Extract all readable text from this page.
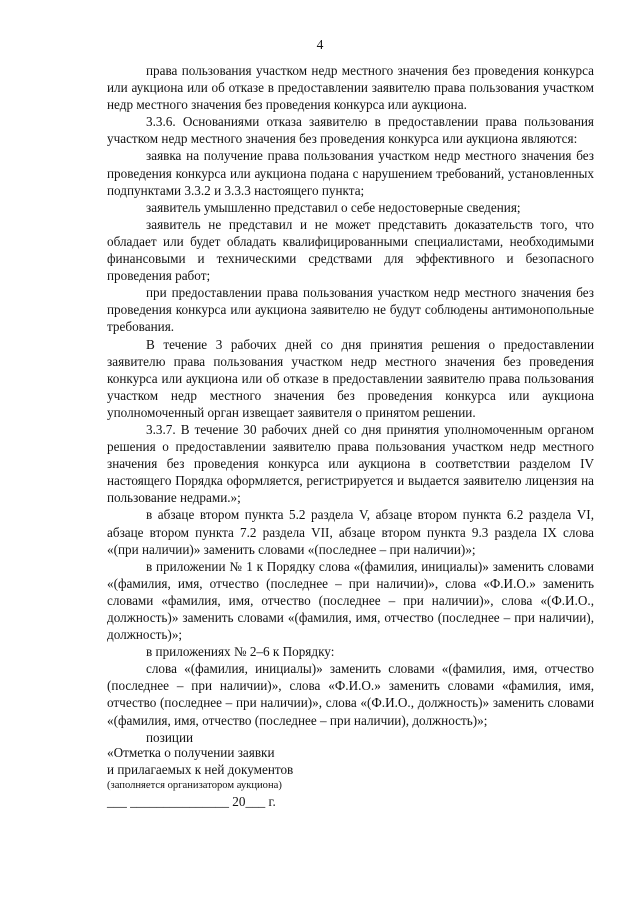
4

права пользования участком недр местного значения без проведения конкурса или аукциона или об отказе в предоставлении заявителю права пользования участком недр местного значения без проведения конкурса или аукциона.

3.3.6. Основаниями отказа заявителю в предоставлении права пользования участком недр местного значения без проведения конкурса или аукциона являются:

заявка на получение права пользования участком недр местного значения без проведения конкурса или аукциона подана с нарушением требований, установленных подпунктами 3.3.2 и 3.3.3 настоящего пункта;

заявитель умышленно представил о себе недостоверные сведения;

заявитель не представил и не может представить доказательств того, что обладает или будет обладать квалифицированными специалистами, необходимыми финансовыми и техническими средствами для эффективного и безопасного проведения работ;

при предоставлении права пользования участком недр местного значения без проведения конкурса или аукциона заявителю не будут соблюдены антимонопольные требования.

В течение 3 рабочих дней со дня принятия решения о предоставлении заявителю права пользования участком недр местного значения без проведения конкурса или аукциона или об отказе в предоставлении заявителю права пользования участком недр местного значения без проведения конкурса или аукциона уполномоченный орган извещает заявителя о принятом решении.

3.3.7. В течение 30 рабочих дней со дня принятия уполномоченным органом решения о предоставлении заявителю права пользования участком недр местного значения без проведения конкурса или аукциона в соответствии разделом IV настоящего Порядка оформляется, регистрируется и выдается заявителю лицензия на пользование недрами.»;

в абзаце втором пункта 5.2 раздела V, абзаце втором пункта 6.2 раздела VI, абзаце втором пункта 7.2 раздела VII, абзаце втором пункта 9.3 раздела IX слова «(при наличии)» заменить словами «(последнее – при наличии)»;

в приложении № 1 к Порядку слова «(фамилия, инициалы)» заменить словами «(фамилия, имя, отчество (последнее – при наличии)», слова «Ф.И.О.» заменить словами «фамилия, имя, отчество (последнее – при наличии)», слова «(Ф.И.О., должность)» заменить словами «(фамилия, имя, отчество (последнее – при наличии), должность)»;

в приложениях № 2–6 к Порядку:

слова «(фамилия, инициалы)» заменить словами «(фамилия, имя, отчество (последнее – при наличии)», слова «Ф.И.О.» заменить словами «фамилия, имя, отчество (последнее – при наличии)», слова «(Ф.И.О., должность)» заменить словами «(фамилия, имя, отчество (последнее – при наличии), должность)»;

позиции

«Отметка о получении заявки
и прилагаемых к ней документов
(заполняется организатором аукциона)
___ _______________ 20___ г.
